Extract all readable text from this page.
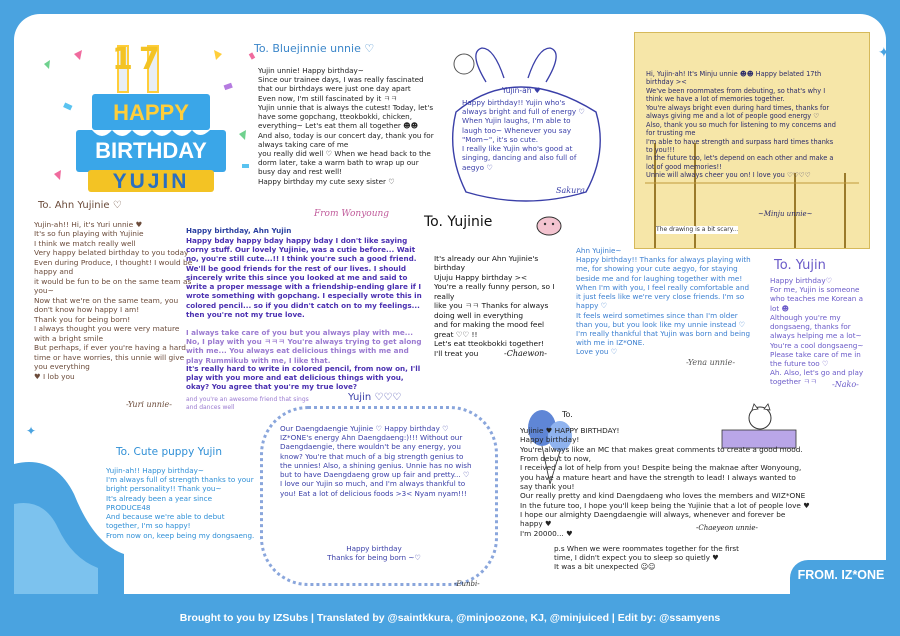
17
HAPPY
BIRTHDAY
YUJIN
To. Bluejinnie unnie ♡
Yujin unnie! Happy birthday~
Since our trainee days, I was really fascinated that our birthdays were just one day apart
Even now, I'm still fascinated by it ㅋㅋ
Yujin unnie that is always the cutest! Today, let's have some gopchang, tteokbokki, chicken, everything~ Let's eat them all together ☻☻
And also, today is our concert day, thank you for always taking care of me
you really did well ♡ When we head back to the dorm later, take a warm bath to wrap up our busy day and rest well!
Happy birthday my cute sexy sister ♡
From Wonyoung
Yujin-ah ♥
Happy birthday!! Yujin who's always bright and full of energy ♡
When Yujin laughs, I'm able to laugh too~ Whenever you say "Mom~", it's so cute.
I really like Yujin who's good at singing, dancing and also full of aegyo ♡
Sakura
Hi, Yujin-ah! It's Minju unnie ☻☻ Happy belated 17th birthday ><
We've been roommates from debuting, so that's why I think we have a lot of memories together.
You're always bright even during hard times, thanks for always giving me and a lot of people good energy ♡
Also, thank you so much for listening to my concerns and for trusting me
I'm able to have strength and surpass hard times thanks to you!!!
In the future too, let's depend on each other and make a lot of good memories!!
Unnie will always cheer you on! I love you ♡♡♡♡
~Minju unnie~
The drawing is a bit scary...
To. Ahn Yujinie ♡
Yujin-ah!! Hi, it's Yuri unnie ♥
It's so fun playing with Yujinie
I think we match really well
Very happy belated birthday to you today
Even during Produce, I thought! I would be happy and
it would be fun to be on the same team as you~
Now that we're on the same team, you don't know how happy I am!
Thank you for being born!
I always thought you were very mature with a bright smile
But perhaps, if ever you're having a hard time or have worries, this unnie will give you everything
♥ I lob you
-Yuri unnie-
Happy birthday, Ahn Yujin
Happy bday happy bday happy bday I don't like saying corny stuff. Our lovely Yujinie, was a cutie before... Wait no, you're still cute...!! I think you're such a good friend. We'll be good friends for the rest of our lives. I should sincerely write this since you looked at me and said to write a proper message with a friendship-ending glare if I wrote something with gopchang. I especially wrote this in colored pencil... so if you didn't catch on to my feelings... then you're not my true love.
I always take care of you but you always play with me... No, I play with you ㅋㅋㅋ You're always trying to get along with me... You always eat delicious things with me and play Rummikub with me, I like that.
It's really hard to write in colored pencil, from now on, I'll play with you more and eat delicious things with you, okay? You agree that you're my true love?
and you're an awesome friend that sings and dances well
To. Yujinie
It's already our Ahn Yujinie's birthday
Ujuju Happy birthday ><
You're a really funny person, so I really
like you ㅋㅋ Thanks for always doing well in everything
and for making the mood feel great ♡♡ !!
Let's eat tteokbokki together!
I'll treat you	-Chaewon-
Ahn Yujinie~
Happy birthday!! Thanks for always playing with me, for showing your cute aegyo, for staying beside me and for laughing together with me!
When I'm with you, I feel really comfortable and it just feels like we're very close friends. I'm so happy ♡
It feels weird sometimes since than I'm older than you, but you look like my unnie instead ♡
I'm really thankful that Yujin was born and being with me in IZ*ONE.
Love you ♡
-Yena unnie-
To. Yujin
Happy birthday♡
For me, Yujin is someone who teaches me Korean a lot ☻
Although you're my dongsaeng, thanks for always helping me a lot~
You're a cool dongsaeng~
Please take care of me in the future too ♡
Ah. Also, let's go and play together ㅋㅋ	-Nako-
Yujin ♡♡♡
Our Daengdaengie Yujinie ♡ Happy birthday ♡ IZ*ONE's energy Ahn Daengdaeng:)!!! Without our Daengdaengie, there wouldn't be any energy, you know? You're that much of a big strength genius to the unnies! Also, a shining genius. Unnie has no wish but to have Daengdaeng grow up fair and pretty... ♡
I love our Yujin so much, and I'm always thankful to you! Eat a lot of delicious foods >3< Nyam nyam!!!
Happy birthday
Thanks for being born ~♡
-Eunbi-
To. Cute puppy Yujin
Yujin-ah!! Happy birthday~
I'm always full of strength thanks to your bright personality!! Thank you~
It's already been a year since PRODUCE48
And because we're able to debut together, I'm so happy!
From now on, keep being my dongsaeng.
To.
Yujinie ♥ HAPPY BIRTHDAY!
Happy birthday!
You're always like an MC that makes great comments to create a good mood. From debut to now,
I received a lot of help from you! Despite being the maknae after Wonyoung, you have a mature heart and have the strength to lead! I always wanted to say thank you!
Our really pretty and kind Daengdaeng who loves the members and WIZ*ONE
In the future too, I hope you'll keep being the Yujinie that a lot of people love ♥
I hope our almighty Daengdaengie will always, whenever and forever be happy ♥
I'm 20000... ♥
-Chaeyeon unnie-
p.s When we were roommates together for the first time, I didn't expect you to sleep so quietly ♥
It was a bit unexpected ☺☺
FROM. IZ*ONE
✦
✦
Brought to you by IZSubs | Translated by @saintkkura, @minjoozone, KJ, @minjuiced | Edit by: @ssamyens
